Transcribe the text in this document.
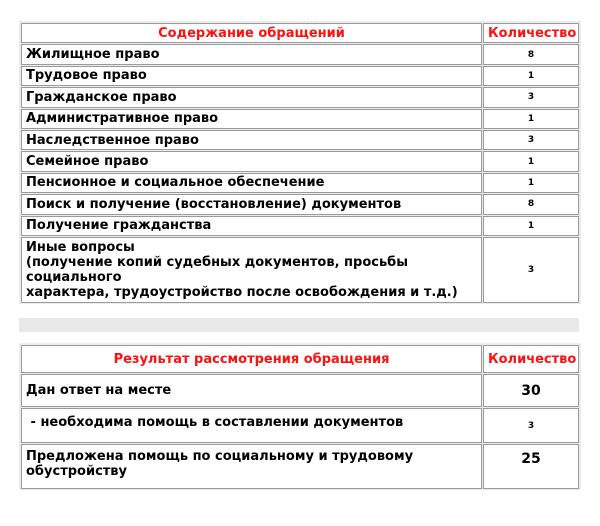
Содержание обращений	Количество
Жилищное право	8
Трудовое право	1
Гражданское право	3
Административное право	1
Наследственное право	3
Семейное право	1
Пенсионное и социальное обеспечение	1
Поиск и получение (восстановление) документов	8
Получение гражданства	1

Иные вопросы
(получение копий судебных документов, просьбы
социального
характера, трудоустройство после освобождения и т.д.)	3
Результат рассмотрения обращения	Количество
Дан ответ на месте	30
- необходима помощь в составлении документов	3

Предложена помощь по социальному и трудовому
обустройству	25
